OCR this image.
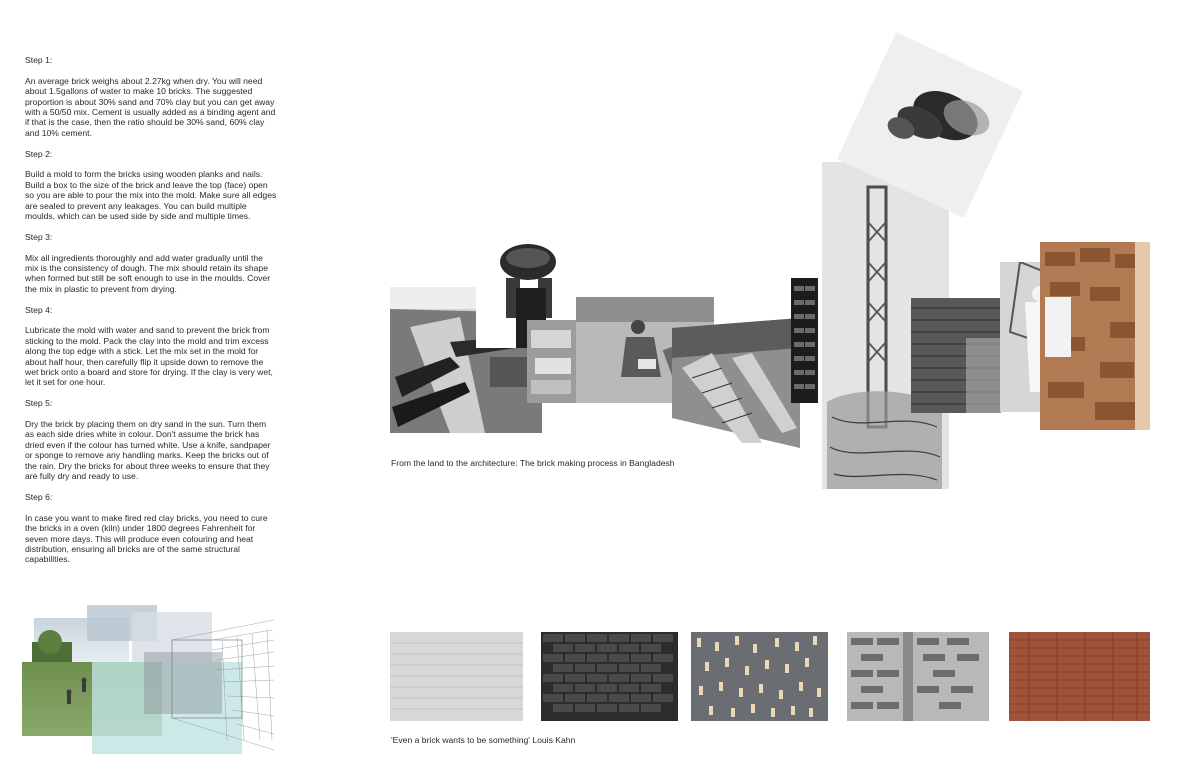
Step 1:

An average brick weighs about 2.27kg when dry. You will need about 1.5gallons of water to make 10 bricks. The suggested proportion is about 30% sand and 70% clay but you can get away with a 50/50 mix. Cement is usually added as a binding agent and if that is the case, then the ratio should be 30% sand, 60% clay and 10% cement.

Step 2:

Build a mold to form the bricks using wooden planks and nails. Build a box to the size of the brick and leave the top (face) open so you are able to pour the mix into the mold. Make sure all edges are sealed to prevent any leakages. You can build multiple moulds, which can be used side by side and multiple times.

Step 3:

Mix all ingredients thoroughly and add water gradually until the mix is the consistency of dough. The mix should retain its shape when formed but still be soft enough to use in the moulds. Cover the mix in plastic to prevent from drying.

Step 4:

Lubricate the mold with water and sand to prevent the brick from sticking to the mold. Pack the clay into the mold and trim excess along the top edge with a stick. Let the mix set in the mold for about half hour, then carefully flip it upside down to remove the wet brick onto a board and store for drying. If the clay is very wet, let it set for one hour.

Step 5:

Dry the brick by placing them on dry sand in the sun. Turn them as each side dries white in colour. Don't assume the brick has dried even if the colour has turned white. Use a knife, sandpaper or sponge to remove any handling marks. Keep the bricks out of the rain. Dry the bricks for about three weeks to ensure that they are fully dry and ready to use.

Step 6:

In case you want to make fired red clay bricks, you need to cure the bricks in a oven (kiln) under 1800 degrees Fahrenheit for seven more days. This will produce even colouring and heat distribution, ensuring all bricks are of the same structural capabilities.

From the land to the architecture: The brick making process in Bangladesh
'Even a brick wants to be something' Louis Kahn
